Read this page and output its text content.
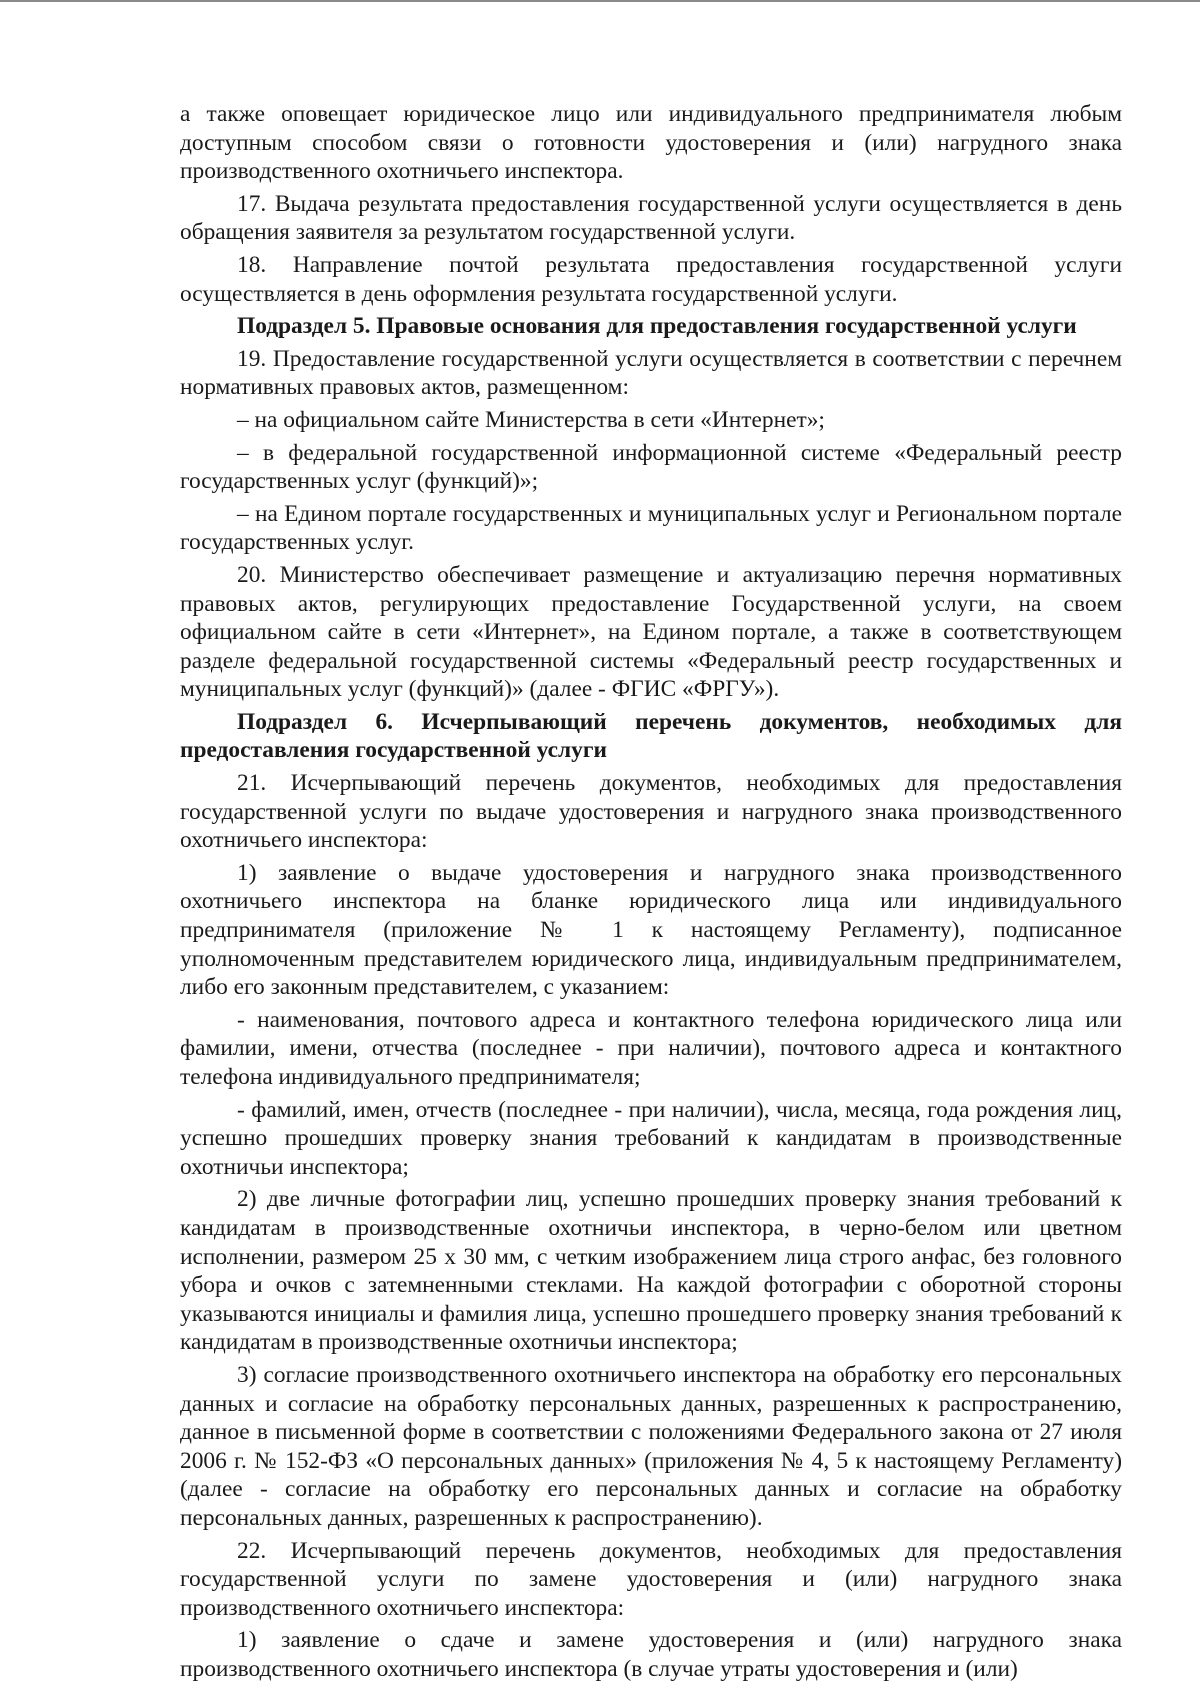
а также оповещает юридическое лицо или индивидуального предпринимателя любым доступным способом связи о готовности удостоверения и (или) нагрудного знака производственного охотничьего инспектора.

17. Выдача результата предоставления государственной услуги осуществляется в день обращения заявителя за результатом государственной услуги.

18. Направление почтой результата предоставления государственной услуги осуществляется в день оформления результата государственной услуги.

Подраздел 5. Правовые основания для предоставления государственной услуги

19. Предоставление государственной услуги осуществляется в соответствии с перечнем нормативных правовых актов, размещенном:

– на официальном сайте Министерства в сети «Интернет»;

– в федеральной государственной информационной системе «Федеральный реестр государственных услуг (функций)»;

– на Едином портале государственных и муниципальных услуг и Региональном портале государственных услуг.

20. Министерство обеспечивает размещение и актуализацию перечня нормативных правовых актов, регулирующих предоставление Государственной услуги, на своем официальном сайте в сети «Интернет», на Едином портале, а также в соответствующем разделе федеральной государственной системы «Федеральный реестр государственных и муниципальных услуг (функций)» (далее - ФГИС «ФРГУ»).

Подраздел 6. Исчерпывающий перечень документов, необходимых для предоставления государственной услуги

21. Исчерпывающий перечень документов, необходимых для предоставления государственной услуги по выдаче удостоверения и нагрудного знака производственного охотничьего инспектора:

1) заявление о выдаче удостоверения и нагрудного знака производственного охотничьего инспектора на бланке юридического лица или индивидуального предпринимателя (приложение № 1 к настоящему Регламенту), подписанное уполномоченным представителем юридического лица, индивидуальным предпринимателем, либо его законным представителем, с указанием:

- наименования, почтового адреса и контактного телефона юридического лица или фамилии, имени, отчества (последнее - при наличии), почтового адреса и контактного телефона индивидуального предпринимателя;

- фамилий, имен, отчеств (последнее - при наличии), числа, месяца, года рождения лиц, успешно прошедших проверку знания требований к кандидатам в производственные охотничьи инспектора;

2) две личные фотографии лиц, успешно прошедших проверку знания требований к кандидатам в производственные охотничьи инспектора, в черно-белом или цветном исполнении, размером 25 х 30 мм, с четким изображением лица строго анфас, без головного убора и очков с затемненными стеклами. На каждой фотографии с оборотной стороны указываются инициалы и фамилия лица, успешно прошедшего проверку знания требований к кандидатам в производственные охотничьи инспектора;

3) согласие производственного охотничьего инспектора на обработку его персональных данных и согласие на обработку персональных данных, разрешенных к распространению, данное в письменной форме в соответствии с положениями Федерального закона от 27 июля 2006 г. № 152-ФЗ «О персональных данных» (приложения № 4, 5 к настоящему Регламенту) (далее - согласие на обработку его персональных данных и согласие на обработку персональных данных, разрешенных к распространению).

22. Исчерпывающий перечень документов, необходимых для предоставления государственной услуги по замене удостоверения и (или) нагрудного знака производственного охотничьего инспектора:

1) заявление о сдаче и замене удостоверения и (или) нагрудного знака производственного охотничьего инспектора (в случае утраты удостоверения и (или)
